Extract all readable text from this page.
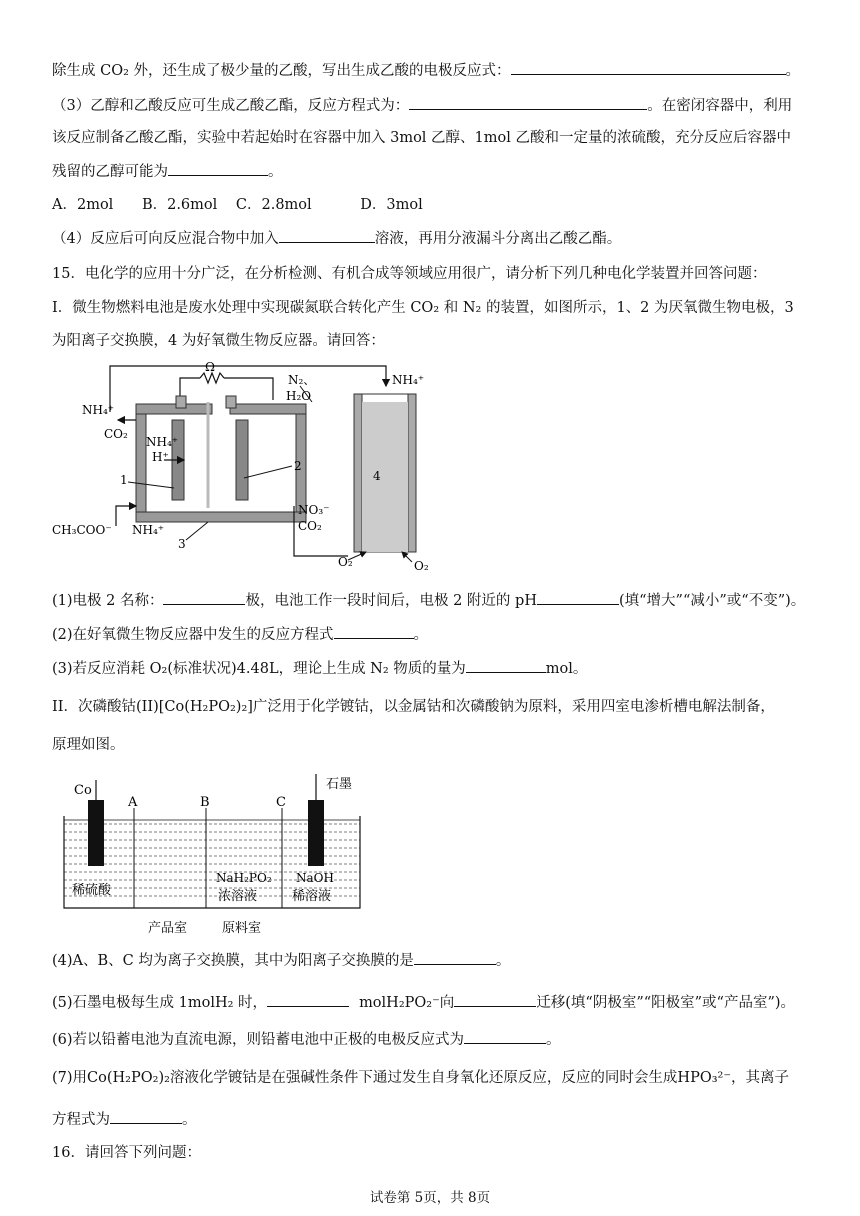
除生成 CO₂ 外，还生成了极少量的乙酸，写出生成乙酸的电极反应式：	。
（3）乙醇和乙酸反应可生成乙酸乙酯，反应方程式为：	。在密闭容器中，利用
该反应制备乙酸乙酯，实验中若起始时在容器中加入 3mol 乙醇、1mol 乙酸和一定量的浓硫酸，充分反应后容器中
残留的乙醇可能为	。
A．2mol B．2.6mol C．2.8mol	D．3mol
（4）反应后可向反应混合物中加入	溶液，再用分液漏斗分离出乙酸乙酯。
15．电化学的应用十分广泛，在分析检测、有机合成等领域应用很广，请分析下列几种电化学装置并回答问题：
Ⅰ．微生物燃料电池是废水处理中实现碳氮联合转化产生 CO₂ 和 N₂ 的装置，如图所示，1、2 为厌氧微生物电极，3
为阳离子交换膜，4 为好氧微生物反应器。请回答：
Ω
NH₄⁺
CO₂
NH₄⁺
H⁺
1
2
N₂、
H₂O
NH₄⁺
CH₃COO⁻ NH₄⁺
3
NO₃⁻
CO₂
4
O₂	O₂
(1)电极 2 名称：	极，电池工作一段时间后，电极 2 附近的 pH	(填“增大”“减小”或“不变”)。
(2)在好氧微生物反应器中发生的反应方程式	。
(3)若反应消耗 O₂(标准状况)4.48L，理论上生成 N₂ 物质的量为	mol。
II．次磷酸钴(II)[Co(H₂PO₂)₂]广泛用于化学镀钴，以金属钴和次磷酸钠为原料，采用四室电渗析槽电解法制备，
原理如图。
Co
A	B	C
石墨
稀硫酸
NaH₂PO₂
浓溶液
NaOH
稀溶液
产品室	原料室
(4)A、B、C 均为离子交换膜，其中为阳离子交换膜的是	。
(5)石墨电极每生成 1molH₂ 时，	molH₂PO₂⁻向	迁移(填“阴极室”“阳极室”或“产品室”)。
(6)若以铅蓄电池为直流电源，则铅蓄电池中正极的电极反应式为	。
(7)用Co(H₂PO₂)₂溶液化学镀钴是在强碱性条件下通过发生自身氧化还原反应，反应的同时会生成HPO₃²⁻，其离子
方程式为	。
16．请回答下列问题：
试卷第 5页，共 8页
